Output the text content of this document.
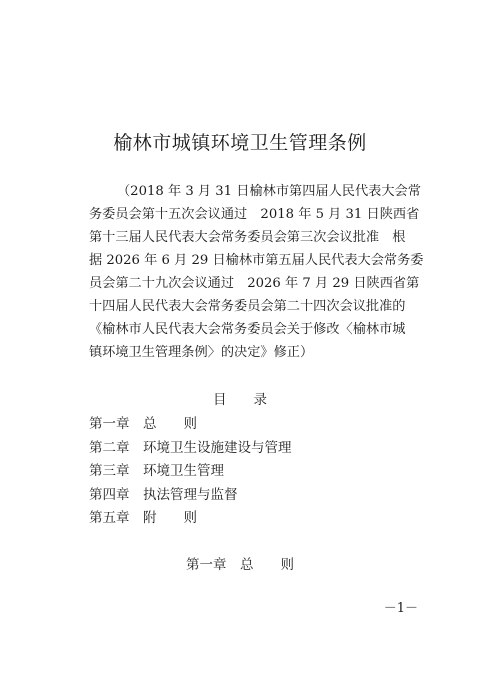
榆林市城镇环境卫生管理条例
（2018 年 3 月 31 日榆林市第四届人民代表大会常
务委员会第十五次会议通过　2018 年 5 月 31 日陕西省
第十三届人民代表大会常务委员会第三次会议批准　根
据 2026 年 6 月 29 日榆林市第五届人民代表大会常务委
员会第二十九次会议通过　2026 年 7 月 29 日陕西省第
十四届人民代表大会常务委员会第二十四次会议批准的
《榆林市人民代表大会常务委员会关于修改〈榆林市城
镇环境卫生管理条例〉的决定》修正）
目　　录
第一章　总　　则
第二章　环境卫生设施建设与管理
第三章　环境卫生管理
第四章　执法管理与监督
第五章　附　　则
第一章　总　　则
－1－
